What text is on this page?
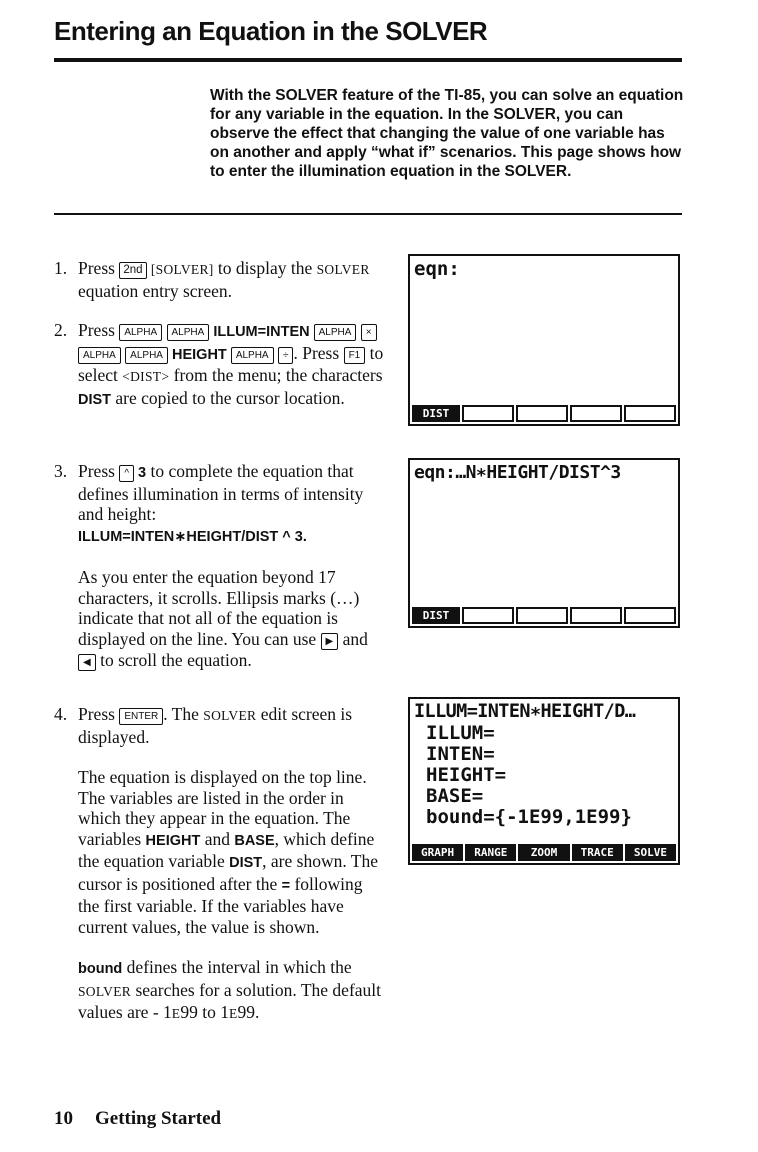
Entering an Equation in the SOLVER
With the SOLVER feature of the TI-85, you can solve an equation for any variable in the equation. In the SOLVER, you can observe the effect that changing the value of one variable has on another and apply “what if” scenarios. This page shows how to enter the illumination equation in the SOLVER.
1. Press 2nd [SOLVER] to display the SOLVER equation entry screen.

2. Press ALPHA ALPHA ILLUM=INTEN ALPHA × ALPHA ALPHA HEIGHT ALPHA ÷ . Press F1 to select <DIST> from the menu; the characters DIST are copied to the cursor location.

3. Press ^ 3 to complete the equation that defines illumination in terms of intensity and height:
ILLUM=INTEN∗HEIGHT/DIST ^ 3.

As you enter the equation beyond 17 characters, it scrolls. Ellipsis marks (…) indicate that not all of the equation is displayed on the line. You can use ▶ and ◀ to scroll the equation.

4. Press ENTER . The SOLVER edit screen is displayed.

The equation is displayed on the top line. The variables are listed in the order in which they appear in the equation. The variables HEIGHT and BASE, which define the equation variable DIST, are shown. The cursor is positioned after the = following the first variable. If the variables have current values, the value is shown.

bound defines the interval in which the SOLVER searches for a solution. The default values are - 1E99 to 1E99.

eqn:
DIST
eqn:…N∗HEIGHT/DIST^3
DIST
ILLUM=INTEN∗HEIGHT/D…
ILLUM=
INTEN=
HEIGHT=
BASE=
bound={-1E99,1E99}
GRAPH	RANGE	ZOOM	TRACE	SOLVE
10 Getting Started
